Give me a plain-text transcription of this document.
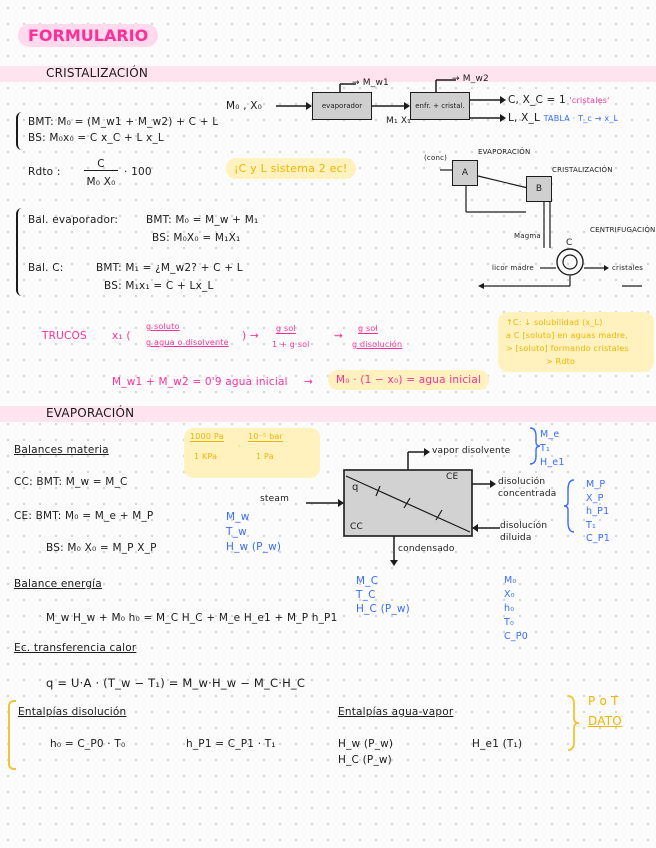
FORMULARIO
CRISTALIZACIÓN
M₀ , X₀	evaporador	enfr. + cristal.
→ M_w1	→ M_w2
M₁ X₁
C, X_C = 1 'cristales'
L, X_L TABLA · T_c → x_L
BMT: M₀ = (M_w1 + M_w2) + C + L
BS: M₀x₀ = C x_C + L x_L
Rdto :
C
M₀ X₀
· 100	¡C y L sistema 2 ec!	A
B
C
EVAPORACIÓN
CRISTALIZACIÓN
CENTRIFUGACIÓN
(conc)
Magma
licor madre	cristales
Bal. evaporador:	BMT: M₀ = M_w + M₁
BS: M₀X₀ = M₁X₁
Bal. C:	BMT: M₁ = ¿M_w2? + C + L
BS: M₁x₁ = C + Lx_L
TRUCOS x₁ (
g soluto
g agua o disolvente
) →
g sol
1 + g sol
⇝
g sol
g disolución
↑C: ↓ solubilidad (x_L)
a C [soluto] en aguas madre,
> [soluto] formando cristales
> Rdto
M_w1 + M_w2 = 0'9 agua inicial →	M₀ · (1 − x₀) = agua inicial
EVAPORACIÓN
Balances materia
1000 Pa
1 KPa
·
10⁻⁵ bar
1 Pa
CC: BMT: M_w = M_C
CE: BMT: M₀ = M_e + M_P
BS: M₀ X₀ = M_P X_P
M_w
T_w
H_w (P_w)
steam
q
CE
CC
vapor disolvente
disolución concentrada
disolución diluida
condensado
M_e
T₁
H_e1
M_P
X_P
h_P1
T₁
C_P1
M_C
T_C
H_C (P_w)
M₀
X₀
h₀
T₀
C_P0
Balance energía
M_w H_w + M₀ h₀ = M_C H_C + M_e H_e1 + M_P h_P1
Ec. transferencia calor
q = U·A · (T_w − T₁) = M_w·H_w − M_C·H_C
Entalpías disolución	Entalpías agua-vapor
h₀ = C_P0 · T₀	h_P1 = C_P1 · T₁	H_w (P_w)
H_C (P_w)
H_e1 (T₁)
P o T
DATO
